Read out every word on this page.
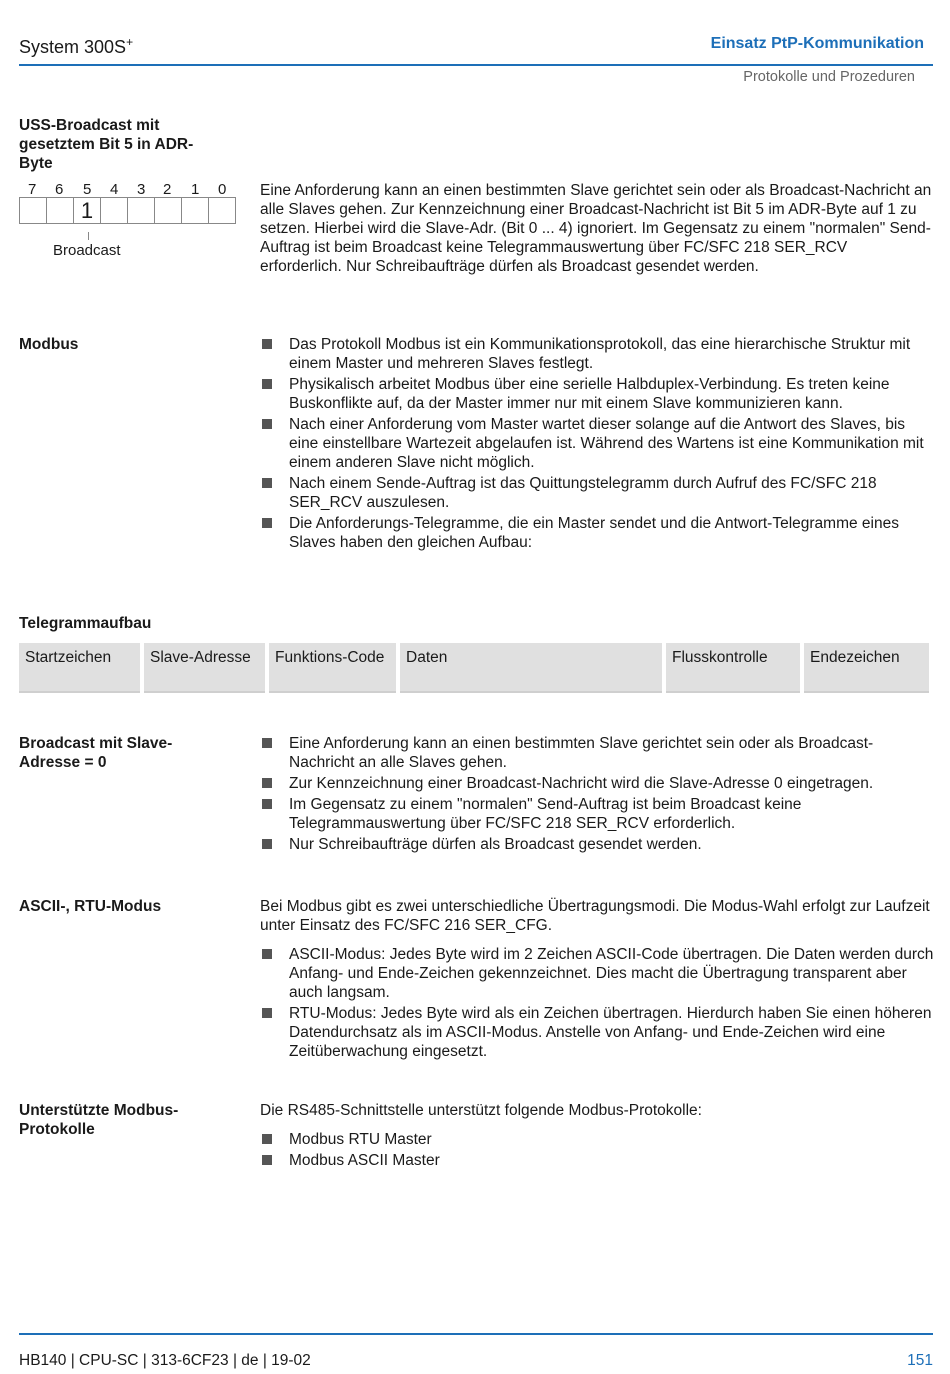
System 300S+	Einsatz PtP-Kommunikation
Protokolle und Prozeduren
USS-Broadcast mit gesetztem Bit 5 in ADR-Byte
7 6 5 4 3 2 1 0
1
Broadcast
Eine Anforderung kann an einen bestimmten Slave gerichtet sein oder als Broadcast-Nachricht an alle Slaves gehen. Zur Kennzeichnung einer Broadcast-Nachricht ist Bit 5 im ADR-Byte auf 1 zu setzen. Hierbei wird die Slave-Adr. (Bit 0 ... 4) ignoriert. Im Gegensatz zu einem "normalen" Send-Auftrag ist beim Broadcast keine Telegrammauswertung über FC/SFC 218 SER_RCV erforderlich. Nur Schreibaufträge dürfen als Broadcast gesendet werden.
Modbus	Das Protokoll Modbus ist ein Kommunikationsprotokoll, das eine hierarchische Struktur mit einem Master und mehreren Slaves festlegt.
Physikalisch arbeitet Modbus über eine serielle Halbduplex-Verbindung. Es treten keine Buskonflikte auf, da der Master immer nur mit einem Slave kommunizieren kann.
Nach einer Anforderung vom Master wartet dieser solange auf die Antwort des Slaves, bis eine einstellbare Wartezeit abgelaufen ist. Während des Wartens ist eine Kommunikation mit einem anderen Slave nicht möglich.
Nach einem Sende-Auftrag ist das Quittungstelegramm durch Aufruf des FC/SFC 218 SER_RCV auszulesen.
Die Anforderungs-Telegramme, die ein Master sendet und die Antwort-Telegramme eines Slaves haben den gleichen Aufbau:
Telegrammaufbau
Startzeichen	Slave-Adresse	Funktions-Code	Daten	Flusskontrolle	Endezeichen
Broadcast mit Slave-Adresse = 0
Eine Anforderung kann an einen bestimmten Slave gerichtet sein oder als Broadcast-Nachricht an alle Slaves gehen.
Zur Kennzeichnung einer Broadcast-Nachricht wird die Slave-Adresse 0 eingetragen.
Im Gegensatz zu einem "normalen" Send-Auftrag ist beim Broadcast keine Telegrammauswertung über FC/SFC 218 SER_RCV erforderlich.
Nur Schreibaufträge dürfen als Broadcast gesendet werden.
ASCII-, RTU-Modus	Bei Modbus gibt es zwei unterschiedliche Übertragungsmodi. Die Modus-Wahl erfolgt zur Laufzeit unter Einsatz des FC/SFC 216 SER_CFG.
ASCII-Modus: Jedes Byte wird im 2 Zeichen ASCII-Code übertragen. Die Daten werden durch Anfang- und Ende-Zeichen gekennzeichnet. Dies macht die Übertragung transparent aber auch langsam.
RTU-Modus: Jedes Byte wird als ein Zeichen übertragen. Hierdurch haben Sie einen höheren Datendurchsatz als im ASCII-Modus. Anstelle von Anfang- und Ende-Zeichen wird eine Zeitüberwachung eingesetzt.
Unterstützte Modbus-Protokolle
Die RS485-Schnittstelle unterstützt folgende Modbus-Protokolle:
Modbus RTU Master
Modbus ASCII Master
HB140 | CPU-SC | 313-6CF23 | de | 19-02	151
